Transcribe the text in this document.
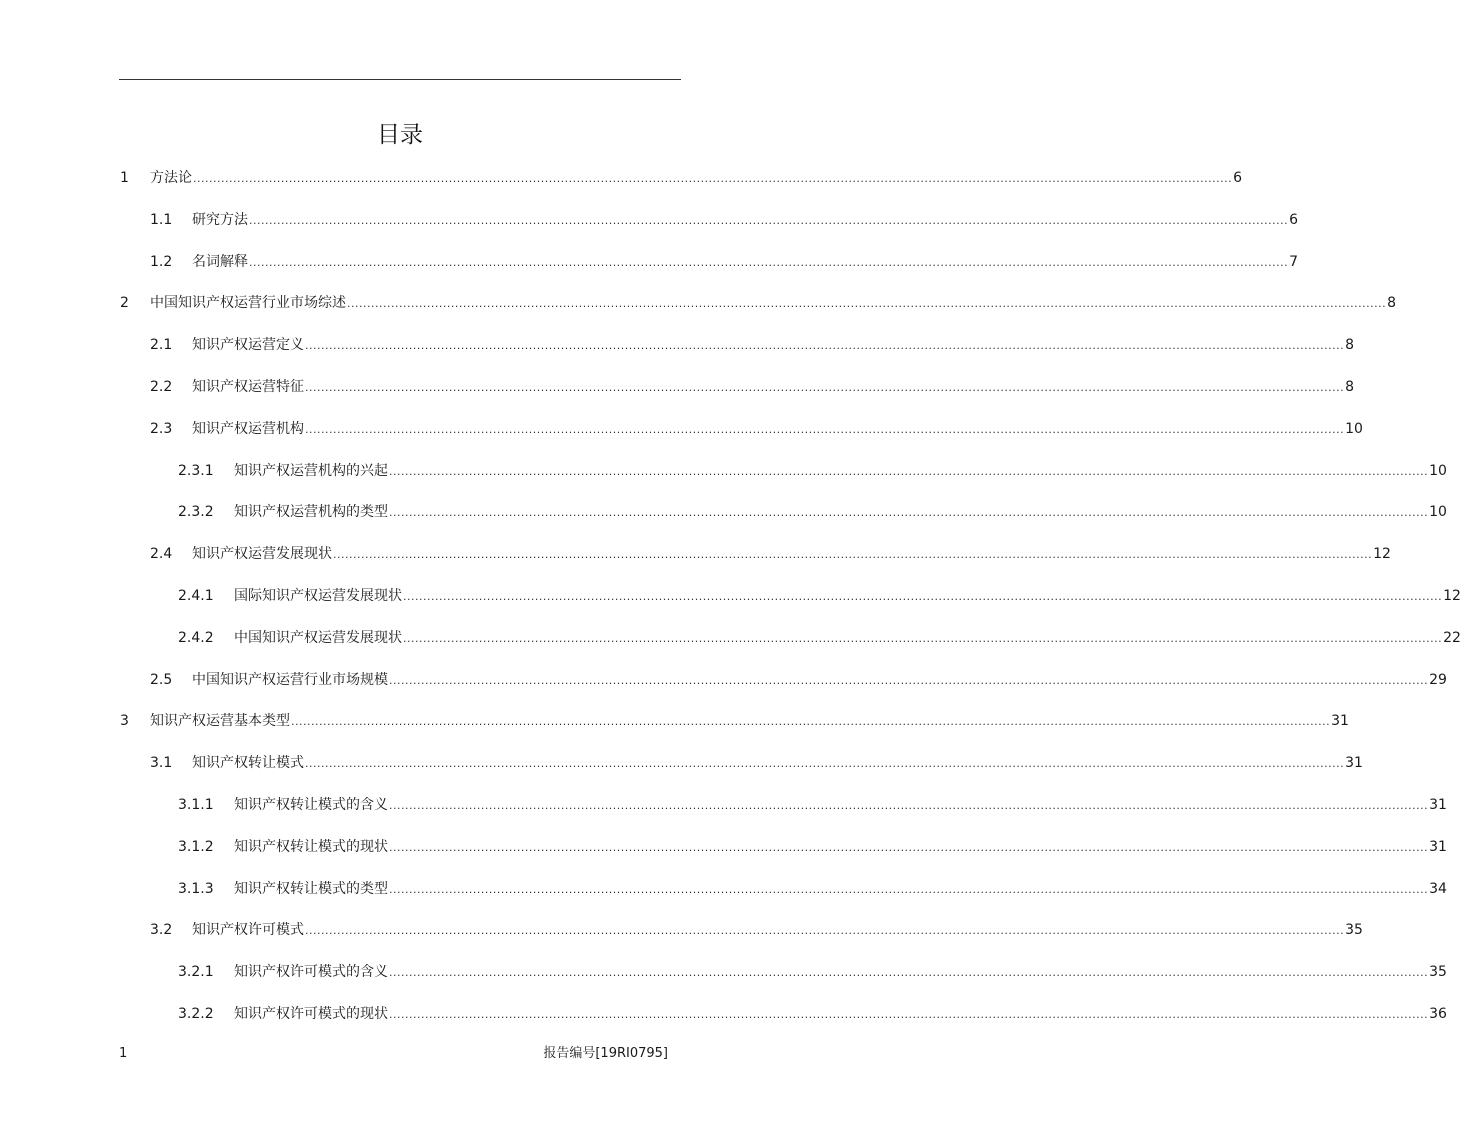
目录
1	方法论 .................................................................................................................................................................................................................................................................... 6
1.1	研究方法 .................................................................................................................................................................................................................................................................... 6
1.2	名词解释 .................................................................................................................................................................................................................................................................... 7
2	中国知识产权运营行业市场综述 .................................................................................................................................................................................................................................................................... 8
2.1	知识产权运营定义 .................................................................................................................................................................................................................................................................... 8
2.2	知识产权运营特征 .................................................................................................................................................................................................................................................................... 8
2.3	知识产权运营机构 .................................................................................................................................................................................................................................................................... 10
2.3.1	知识产权运营机构的兴起 .................................................................................................................................................................................................................................................................... 10
2.3.2	知识产权运营机构的类型 .................................................................................................................................................................................................................................................................... 10
2.4	知识产权运营发展现状 .................................................................................................................................................................................................................................................................... 12
2.4.1	国际知识产权运营发展现状 .................................................................................................................................................................................................................................................................... 12
2.4.2	中国知识产权运营发展现状 .................................................................................................................................................................................................................................................................... 22
2.5	中国知识产权运营行业市场规模 .................................................................................................................................................................................................................................................................... 29
3	知识产权运营基本类型 .................................................................................................................................................................................................................................................................... 31
3.1	知识产权转让模式 .................................................................................................................................................................................................................................................................... 31
3.1.1	知识产权转让模式的含义 .................................................................................................................................................................................................................................................................... 31
3.1.2	知识产权转让模式的现状 .................................................................................................................................................................................................................................................................... 31
3.1.3	知识产权转让模式的类型 .................................................................................................................................................................................................................................................................... 34
3.2	知识产权许可模式 .................................................................................................................................................................................................................................................................... 35
3.2.1	知识产权许可模式的含义 .................................................................................................................................................................................................................................................................... 35
3.2.2	知识产权许可模式的现状 .................................................................................................................................................................................................................................................................... 36
1	报告编号[19RI0795]
